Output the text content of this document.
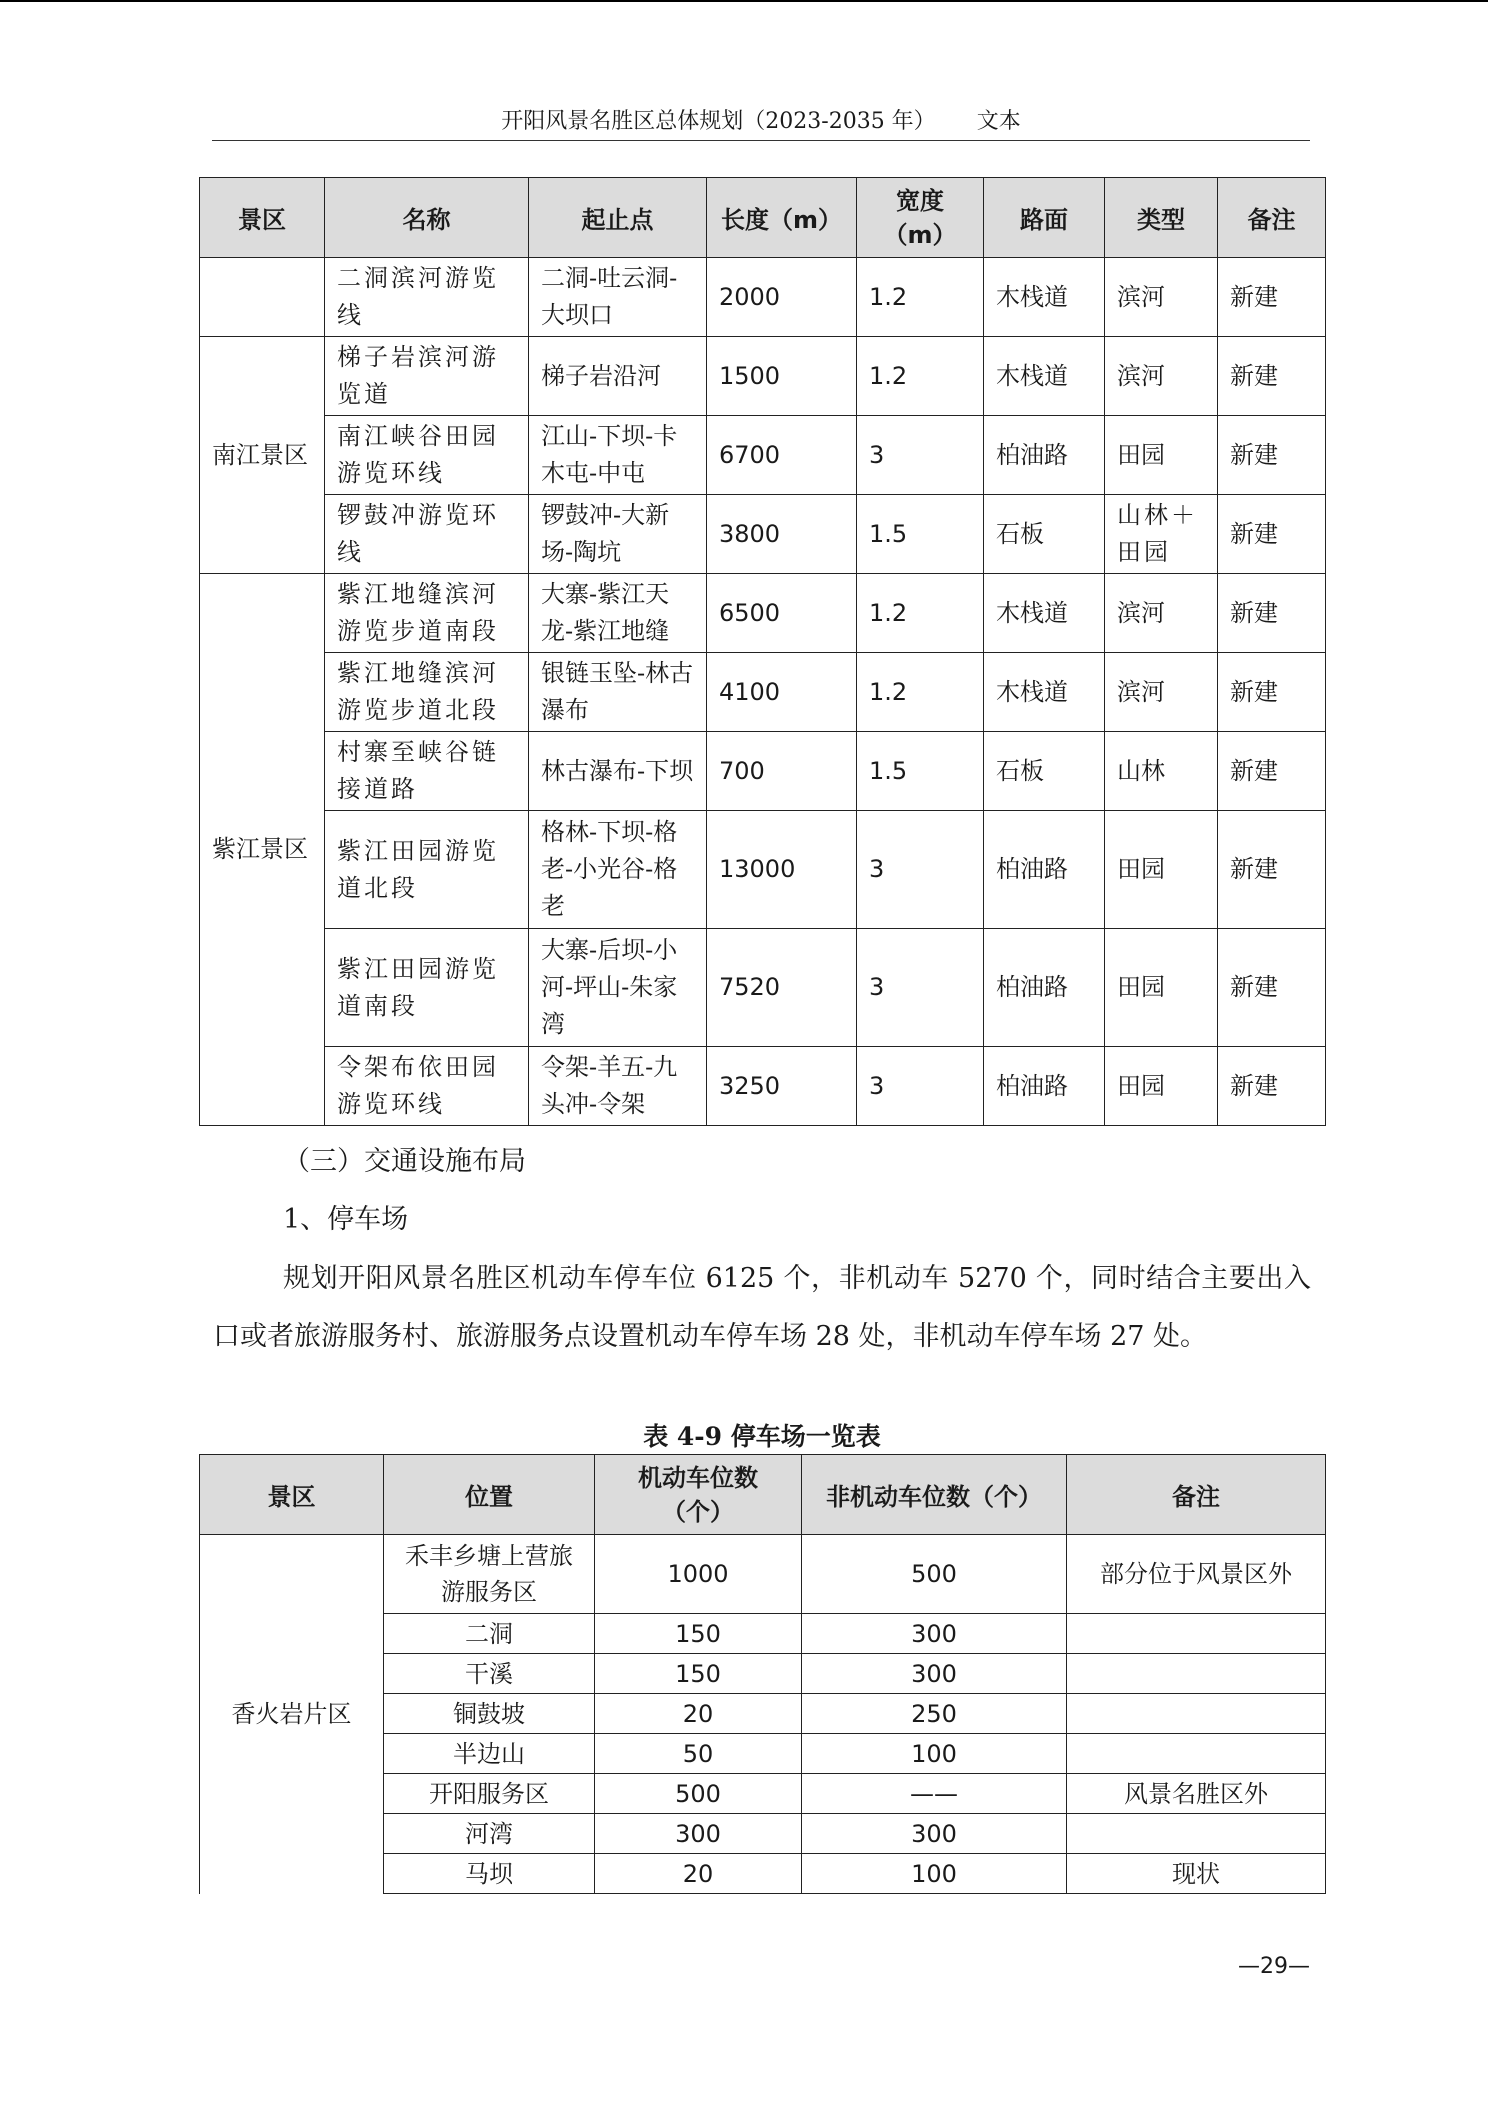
开阳风景名胜区总体规划（2023-2035 年） 文本
景区	名称	起止点	长度（m）	宽度（m）	路面	类型	备注
	二洞滨河游览线	二洞-吐云洞-大坝口	2000	1.2	木栈道	滨河	新建
南江景区	梯子岩滨河游览道	梯子岩沿河	1500	1.2	木栈道	滨河	新建
	南江峡谷田园游览环线	江山-下坝-卡木屯-中屯	6700	3	柏油路	田园	新建
	锣鼓冲游览环线	锣鼓冲-大新场-陶坑	3800	1.5	石板	山林＋田园	新建
紫江景区	紫江地缝滨河游览步道南段	大寨-紫江天龙-紫江地缝	6500	1.2	木栈道	滨河	新建
	紫江地缝滨河游览步道北段	银链玉坠-林古瀑布	4100	1.2	木栈道	滨河	新建
	村寨至峡谷链接道路	林古瀑布-下坝	700	1.5	石板	山林	新建
	紫江田园游览道北段	格林-下坝-格老-小光谷-格老	13000	3	柏油路	田园	新建
	紫江田园游览道南段	大寨-后坝-小河-坪山-朱家湾	7520	3	柏油路	田园	新建
	令架布依田园游览环线	令架-羊五-九头冲-令架	3250	3	柏油路	田园	新建
（三）交通设施布局
1、停车场
规划开阳风景名胜区机动车停车位 6125 个，非机动车 5270 个，同时结合主要出入口或者旅游服务村、旅游服务点设置机动车停车场 28 处，非机动车停车场 27 处。
表 4-9 停车场一览表
景区	位置	机动车位数（个）	非机动车位数（个）	备注
香火岩片区	禾丰乡塘上营旅游服务区	1000	500	部分位于风景区外
	二洞	150	300	
	干溪	150	300	
	铜鼓坡	20	250	
	半边山	50	100	
	开阳服务区	500	——	风景名胜区外
	河湾	300	300	
	马坝	20	100	现状
—29—
